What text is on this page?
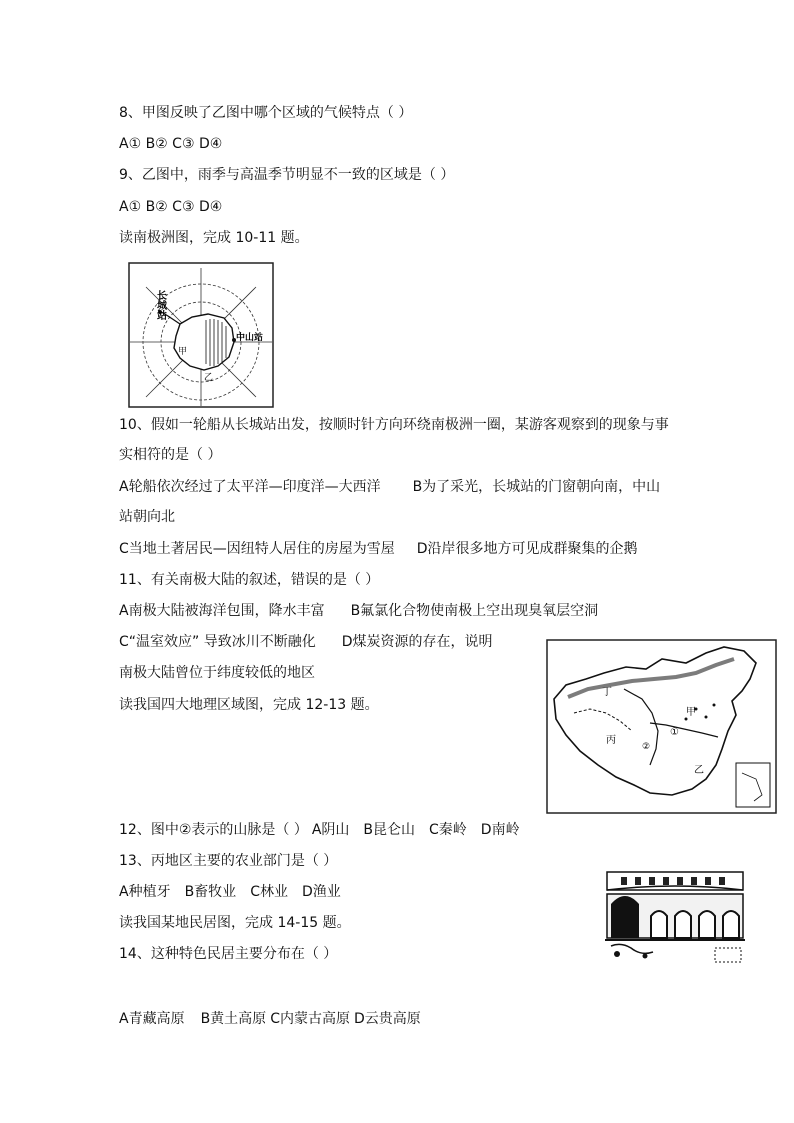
8、甲图反映了乙图中哪个区域的气候特点（ ）
A① B② C③ D④
9、乙图中，雨季与高温季节明显不一致的区域是（ ）
A① B② C③ D④
读南极洲图，完成 10-11 题。
长城站
中山站
甲
乙
10、假如一轮船从长城站出发，按顺时针方向环绕南极洲一圈，某游客观察到的现象与事
实相符的是（ ）
A轮船依次经过了太平洋—印度洋—大西洋 B为了采光，长城站的门窗朝向南，中山
站朝向北
C当地土著居民—因纽特人居住的房屋为雪屋 D沿岸很多地方可见成群聚集的企鹅
11、有关南极大陆的叙述，错误的是（ ）
A南极大陆被海洋包围，降水丰富 B氟氯化合物使南极上空出现臭氧层空洞
C“温室效应” 导致冰川不断融化 D煤炭资源的存在，说明
南极大陆曾位于纬度较低的地区
读我国四大地理区域图，完成 12-13 题。
丁
丙
甲
乙
①
②
12、图中②表示的山脉是（ ） A阴山 B昆仑山 C秦岭 D南岭
13、丙地区主要的农业部门是（ ）
A种植牙 B畜牧业 C林业 D渔业
读我国某地民居图，完成 14-15 题。
14、这种特色民居主要分布在（ ）
A青藏高原 B黄土高原 C内蒙古高原 D云贵高原
